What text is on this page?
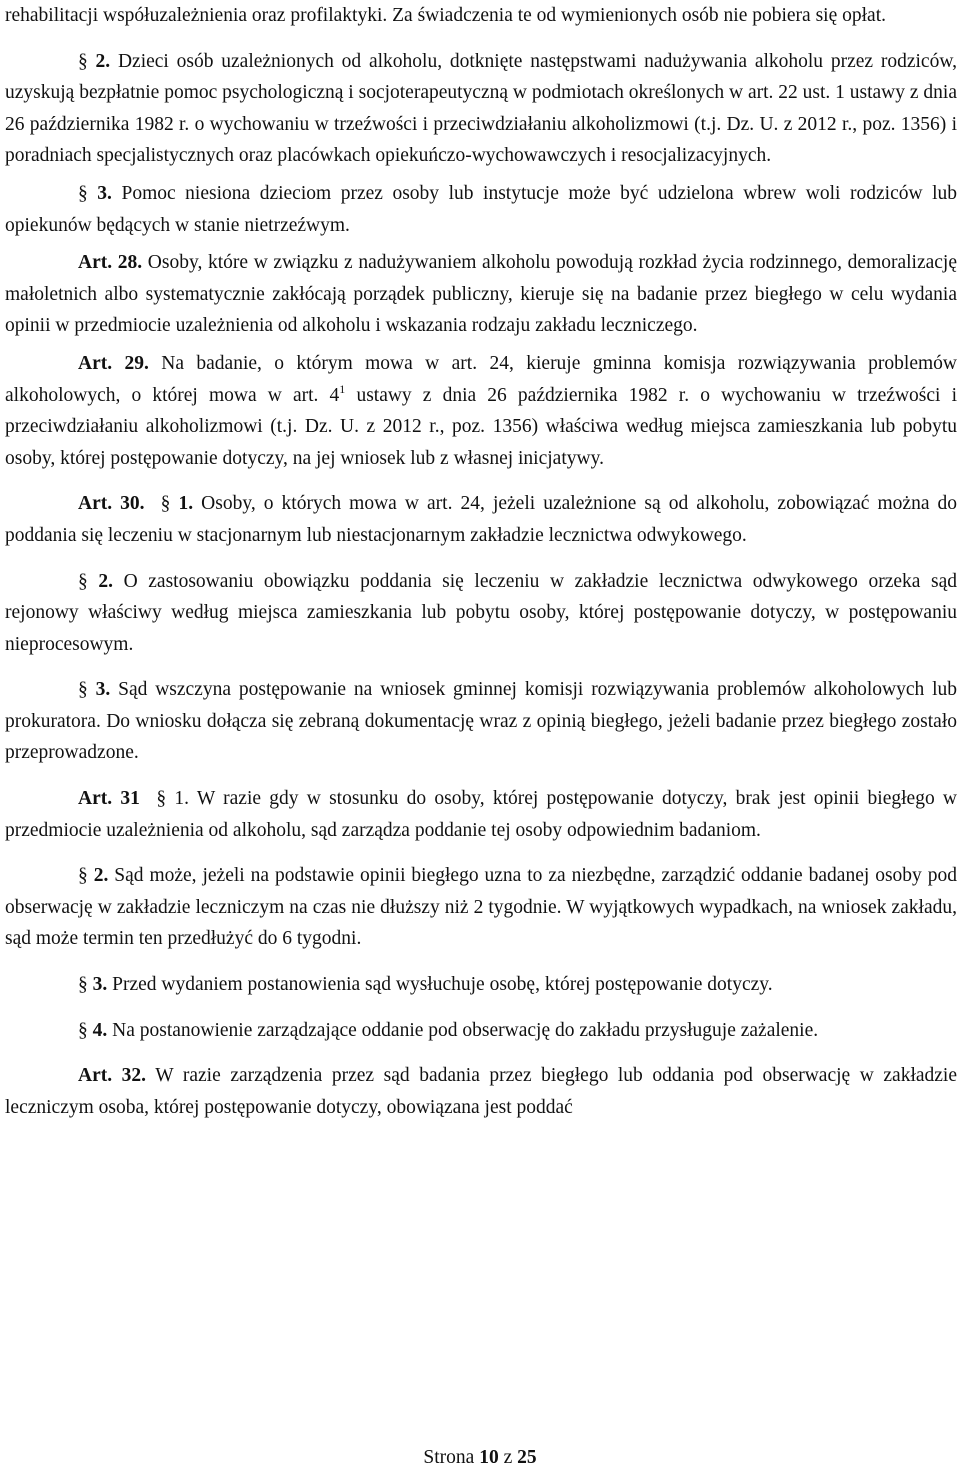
rehabilitacji współuzależnienia oraz profilaktyki. Za świadczenia te od wymienionych osób nie pobiera się opłat.

§ 2. Dzieci osób uzależnionych od alkoholu, dotknięte następstwami nadużywania alkoholu przez rodziców, uzyskują bezpłatnie pomoc psychologiczną i socjoterapeutyczną w podmiotach określonych w art. 22 ust. 1 ustawy z dnia 26 października 1982 r. o wychowaniu w trzeźwości i przeciwdziałaniu alkoholizmowi (t.j. Dz. U. z 2012 r., poz. 1356) i poradniach specjalistycznych oraz placówkach opiekuńczo-wychowawczych i resocjalizacyjnych.

§ 3. Pomoc niesiona dzieciom przez osoby lub instytucje może być udzielona wbrew woli rodziców lub opiekunów będących w stanie nietrzeźwym.

Art. 28. Osoby, które w związku z nadużywaniem alkoholu powodują rozkład życia rodzinnego, demoralizację małoletnich albo systematycznie zakłócają porządek publiczny, kieruje się na badanie przez biegłego w celu wydania opinii w przedmiocie uzależnienia od alkoholu i wskazania rodzaju zakładu leczniczego.

Art. 29. Na badanie, o którym mowa w art. 24, kieruje gminna komisja rozwiązywania problemów alkoholowych, o której mowa w art. $4^1$ ustawy z dnia 26 października 1982 r. o wychowaniu w trzeźwości i przeciwdziałaniu alkoholizmowi (t.j. Dz. U. z 2012 r., poz. 1356) właściwa według miejsca zamieszkania lub pobytu osoby, której postępowanie dotyczy, na jej wniosek lub z własnej inicjatywy.

Art. 30. § 1. Osoby, o których mowa w art. 24, jeżeli uzależnione są od alkoholu, zobowiązać można do poddania się leczeniu w stacjonarnym lub niestacjonarnym zakładzie lecznictwa odwykowego.

§ 2. O zastosowaniu obowiązku poddania się leczeniu w zakładzie lecznictwa odwykowego orzeka sąd rejonowy właściwy według miejsca zamieszkania lub pobytu osoby, której postępowanie dotyczy, w postępowaniu nieprocesowym.

§ 3. Sąd wszczyna postępowanie na wniosek gminnej komisji rozwiązywania problemów alkoholowych lub prokuratora. Do wniosku dołącza się zebraną dokumentację wraz z opinią biegłego, jeżeli badanie przez biegłego zostało przeprowadzone.

Art. 31 § 1. W razie gdy w stosunku do osoby, której postępowanie dotyczy, brak jest opinii biegłego w przedmiocie uzależnienia od alkoholu, sąd zarządza poddanie tej osoby odpowiednim badaniom.

§ 2. Sąd może, jeżeli na podstawie opinii biegłego uzna to za niezbędne, zarządzić oddanie badanej osoby pod obserwację w zakładzie leczniczym na czas nie dłuższy niż 2 tygodnie. W wyjątkowych wypadkach, na wniosek zakładu, sąd może termin ten przedłużyć do 6 tygodni.

§ 3. Przed wydaniem postanowienia sąd wysłuchuje osobę, której postępowanie dotyczy.

§ 4. Na postanowienie zarządzające oddanie pod obserwację do zakładu przysługuje zażalenie.

Art. 32. W razie zarządzenia przez sąd badania przez biegłego lub oddania pod obserwację w zakładzie leczniczym osoba, której postępowanie dotyczy, obowiązana jest poddać

Strona 10 z 25
